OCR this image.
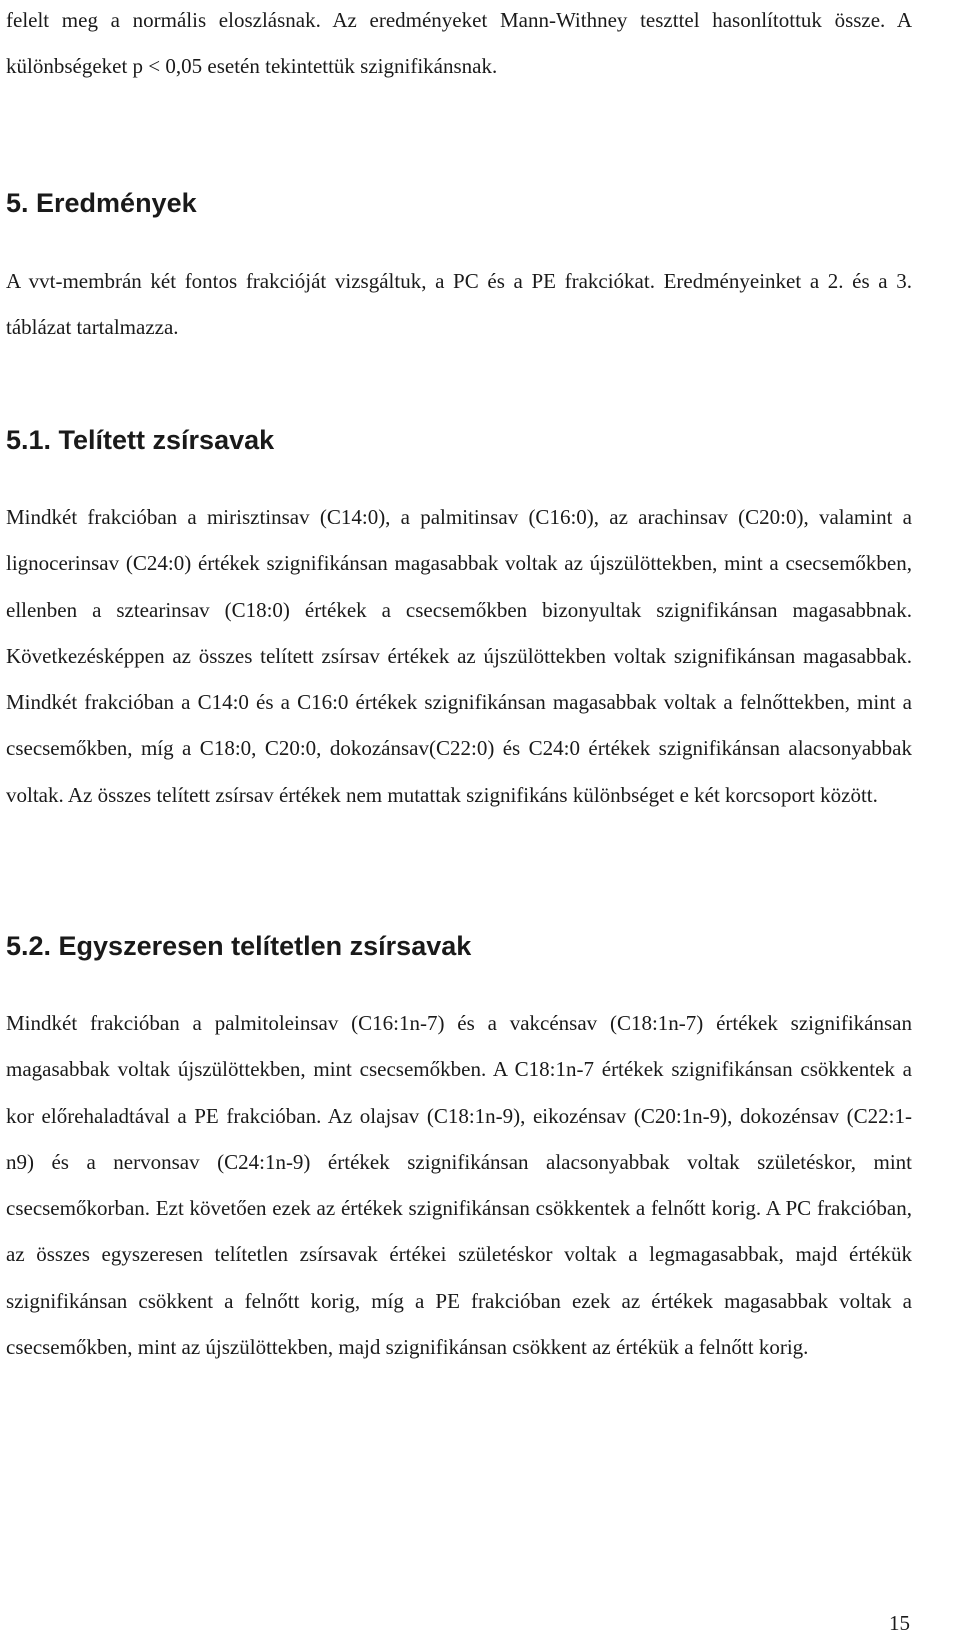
felelt meg a normális eloszlásnak. Az eredményeket Mann-Withney teszttel hasonlítottuk össze. A különbségeket p < 0,05 esetén tekintettük szignifikánsnak.

5. Eredmények

A vvt-membrán két fontos frakcióját vizsgáltuk, a PC és a PE frakciókat. Eredményeinket a 2. és a 3. táblázat tartalmazza.

5.1. Telített zsírsavak

Mindkét frakcióban a mirisztinsav (C14:0), a palmitinsav (C16:0), az arachinsav (C20:0), valamint a lignocerinsav (C24:0) értékek szignifikánsan magasabbak voltak az újszülöttekben, mint a csecsemőkben, ellenben a sztearinsav (C18:0) értékek a csecsemőkben bizonyultak szignifikánsan magasabbnak. Következésképpen az összes telített zsírsav értékek az újszülöttekben voltak szignifikánsan magasabbak. Mindkét frakcióban a C14:0 és a C16:0 értékek szignifikánsan magasabbak voltak a felnőttekben, mint a csecsemőkben, míg a C18:0, C20:0, dokozánsav(C22:0) és C24:0 értékek szignifikánsan alacsonyabbak voltak. Az összes telített zsírsav értékek nem mutattak szignifikáns különbséget e két korcsoport között.

5.2. Egyszeresen telítetlen zsírsavak

Mindkét frakcióban a palmitoleinsav (C16:1n-7) és a vakcénsav (C18:1n-7) értékek szignifikánsan magasabbak voltak újszülöttekben, mint csecsemőkben. A C18:1n-7 értékek szignifikánsan csökkentek a kor előrehaladtával a PE frakcióban. Az olajsav (C18:1n-9), eikozénsav (C20:1n-9), dokozénsav (C22:1-n9) és a nervonsav (C24:1n-9) értékek szignifikánsan alacsonyabbak voltak születéskor, mint csecsemőkorban. Ezt követően ezek az értékek szignifikánsan csökkentek a felnőtt korig. A PC frakcióban, az összes egyszeresen telítetlen zsírsavak értékei születéskor voltak a legmagasabbak, majd értékük szignifikánsan csökkent a felnőtt korig, míg a PE frakcióban ezek az értékek magasabbak voltak a csecsemőkben, mint az újszülöttekben, majd szignifikánsan csökkent az értékük a felnőtt korig.

15
